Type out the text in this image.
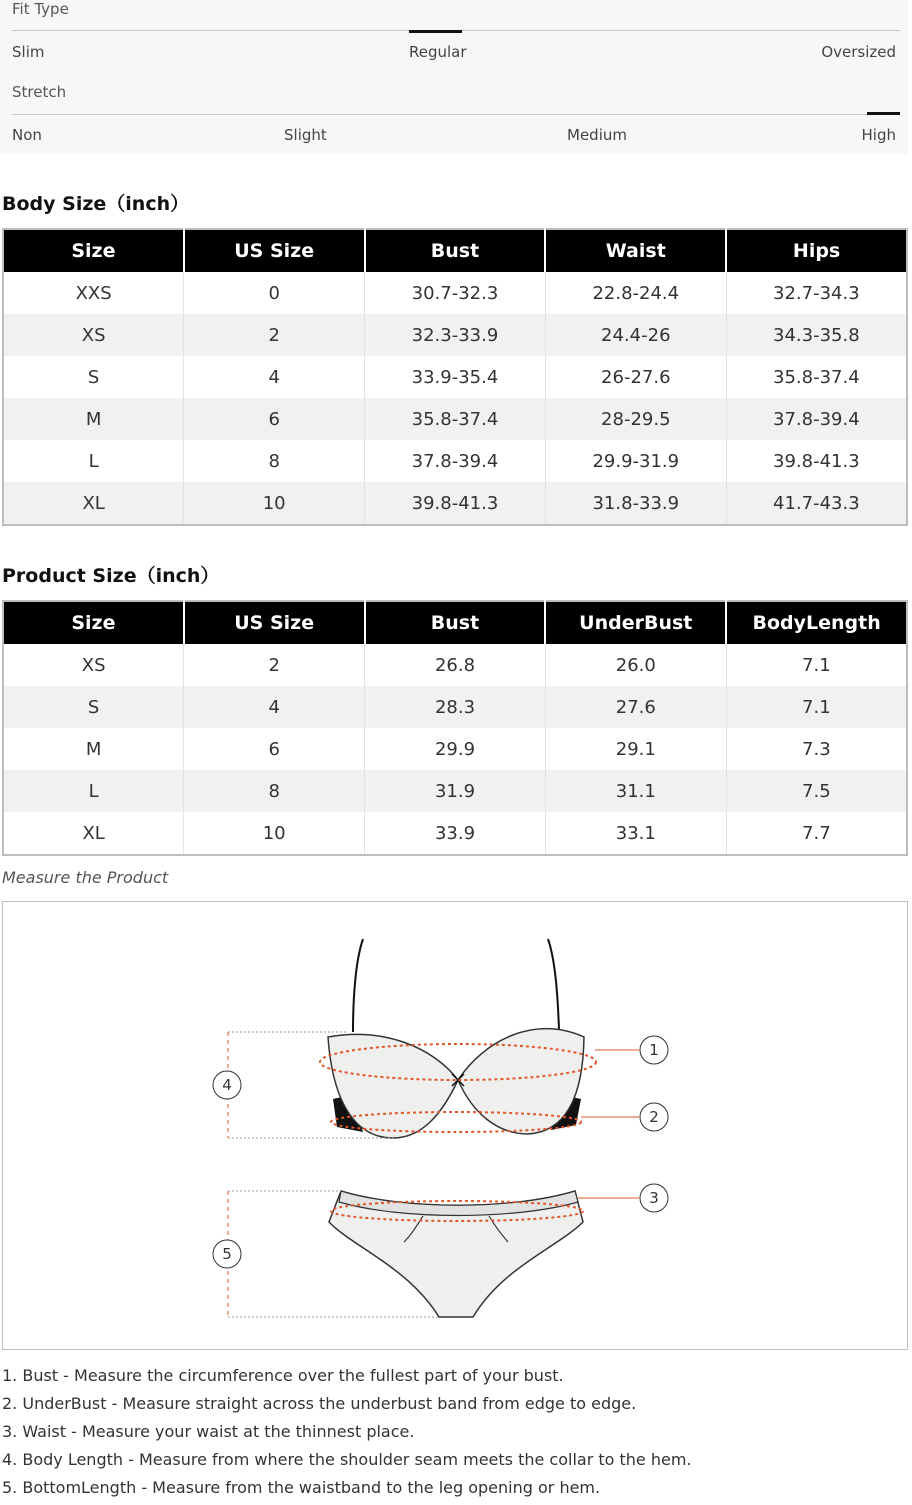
Fit Type
Slim	Regular	Oversized
Stretch
Non	Slight	Medium	High
Body Size（inch）
Size	US Size	Bust	Waist	Hips
XXS	0	30.7-32.3	22.8-24.4	32.7-34.3
XS	2	32.3-33.9	24.4-26	34.3-35.8
S	4	33.9-35.4	26-27.6	35.8-37.4
M	6	35.8-37.4	28-29.5	37.8-39.4
L	8	37.8-39.4	29.9-31.9	39.8-41.3
XL	10	39.8-41.3	31.8-33.9	41.7-43.3
Product Size（inch）
Size	US Size	Bust	UnderBust	BodyLength
XS	2	26.8	26.0	7.1
S	4	28.3	27.6	7.1
M	6	29.9	29.1	7.3
L	8	31.9	31.1	7.5
XL	10	33.9	33.1	7.7
Measure the Product
1
2
3
4
5
1. Bust - Measure the circumference over the fullest part of your bust.
2. UnderBust - Measure straight across the underbust band from edge to edge.
3. Waist - Measure your waist at the thinnest place.
4. Body Length - Measure from where the shoulder seam meets the collar to the hem.
5. BottomLength - Measure from the waistband to the leg opening or hem.
